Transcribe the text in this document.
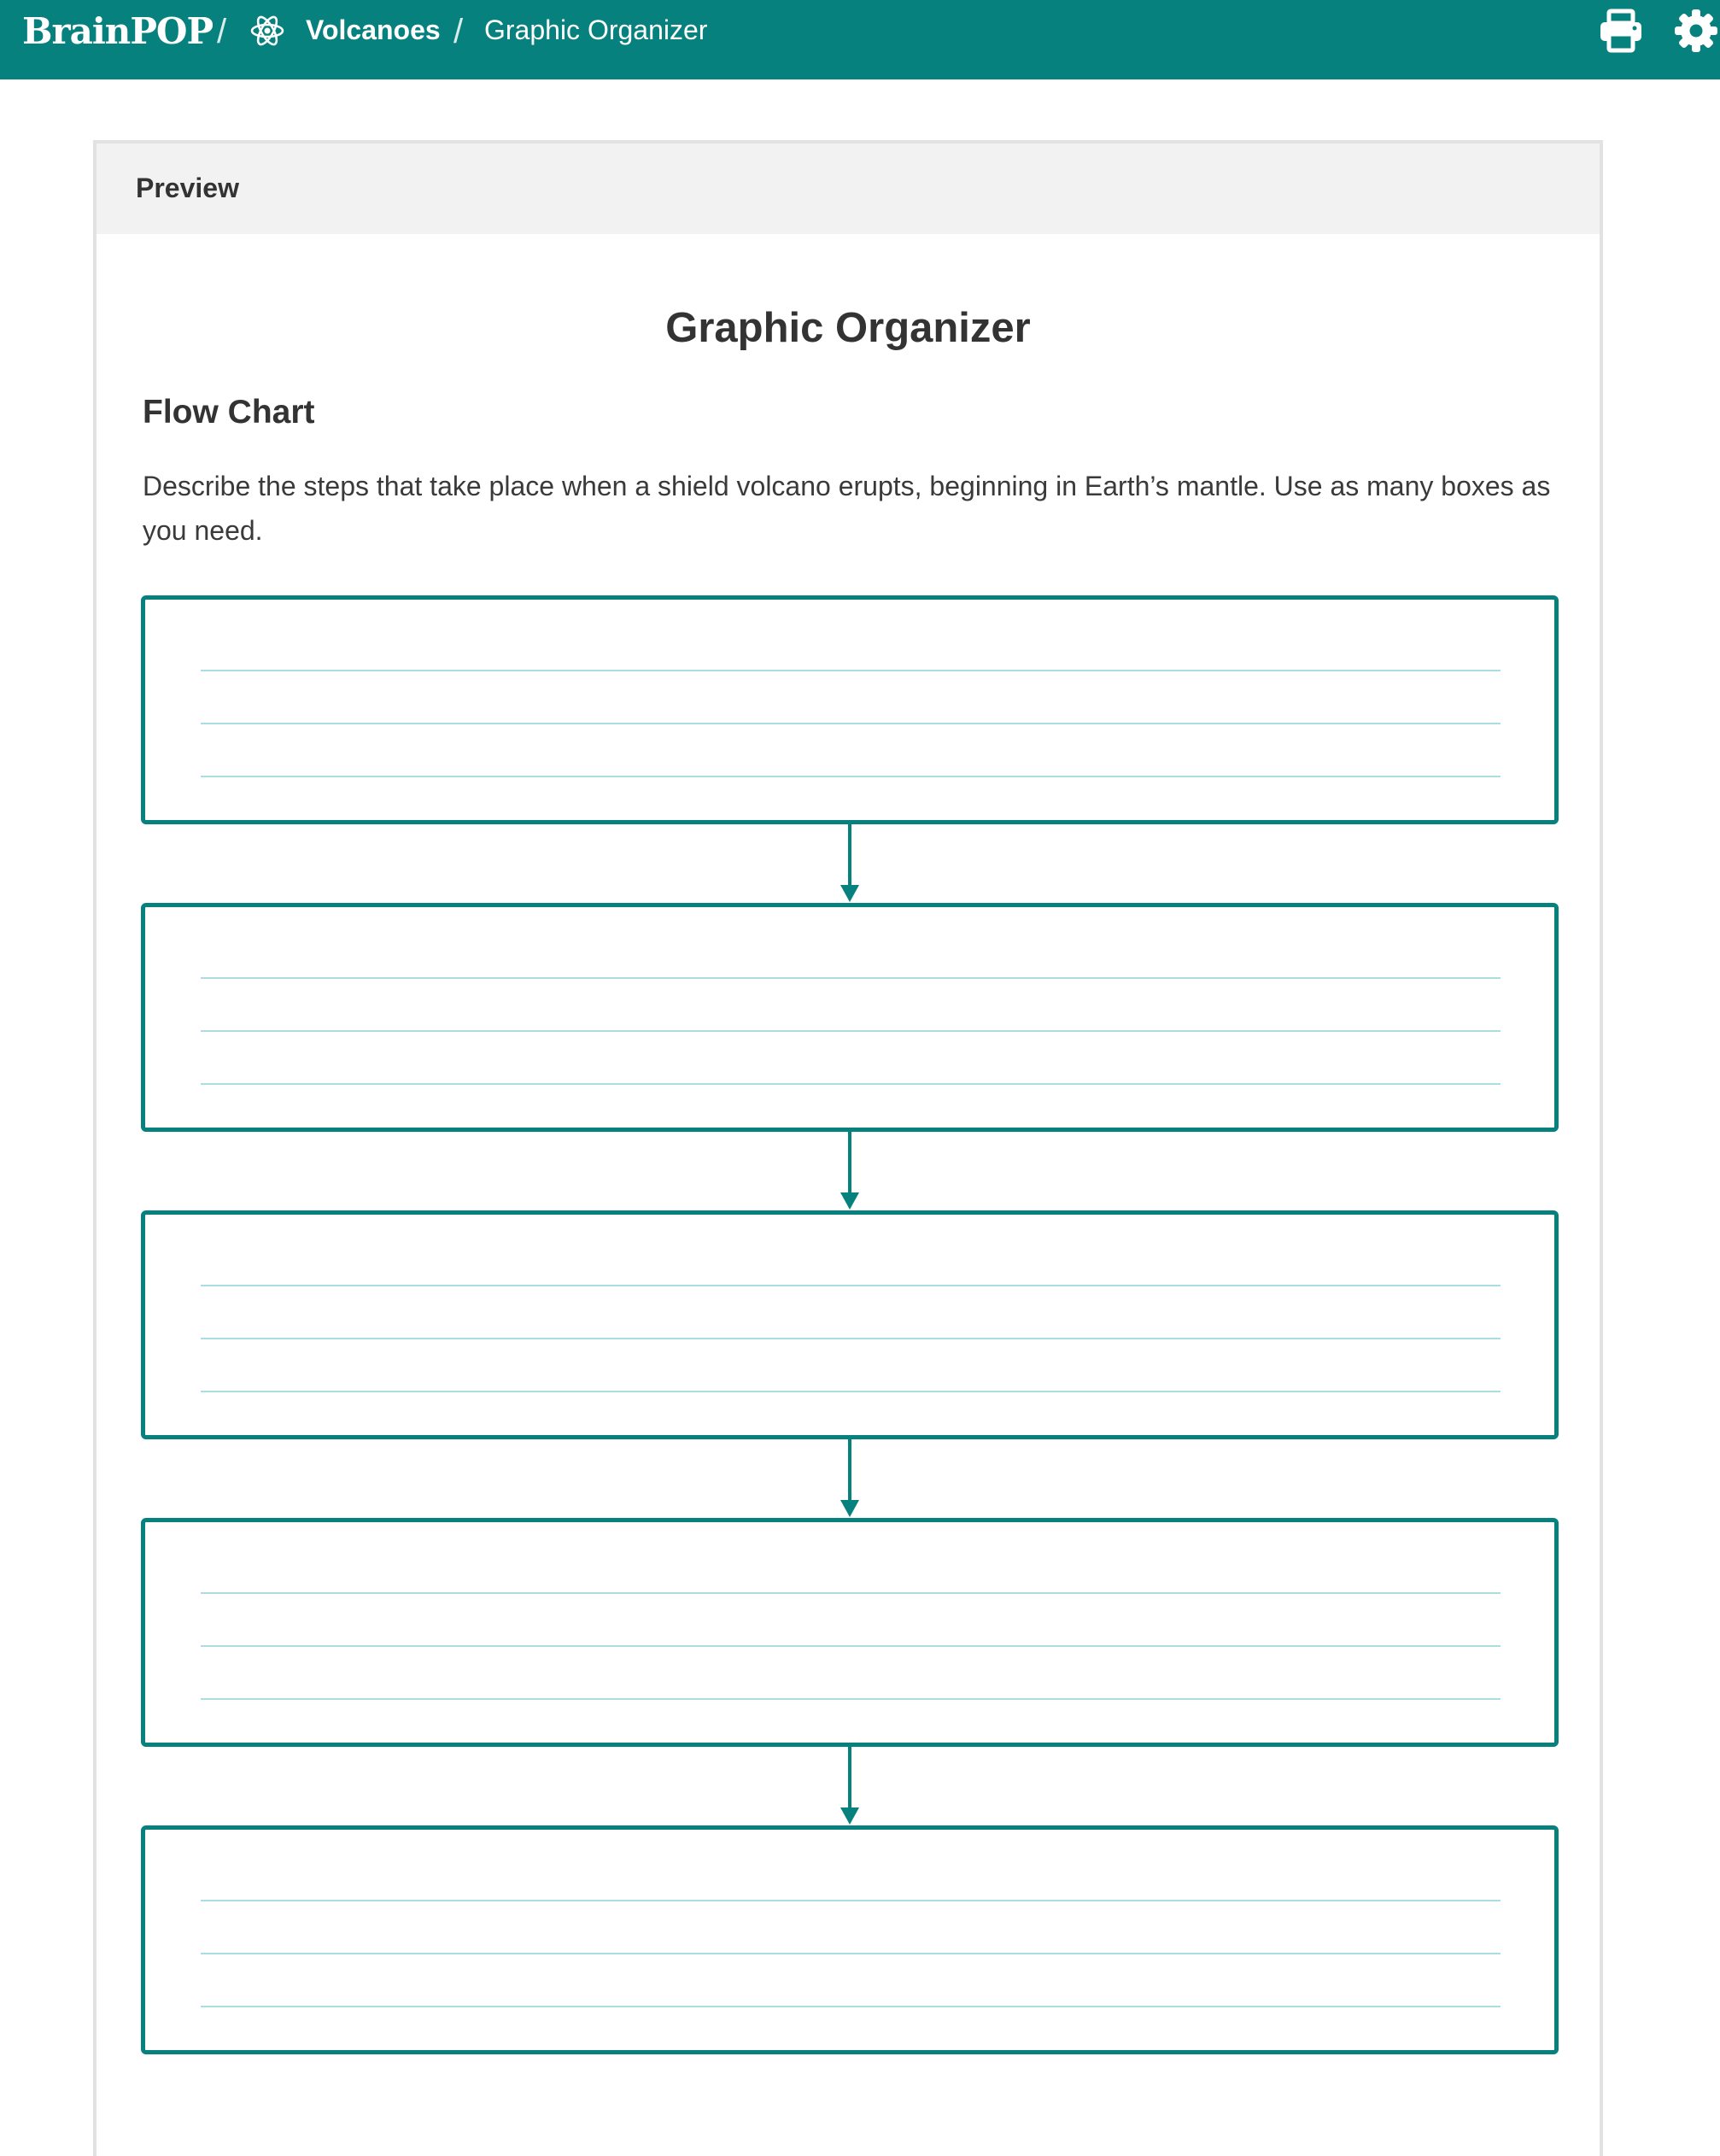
BrainPOP /	Volcanoes / Graphic Organizer
Preview
Graphic Organizer
Flow Chart
Describe the steps that take place when a shield volcano erupts, beginning in Earth’s mantle. Use as many boxes as you need.
